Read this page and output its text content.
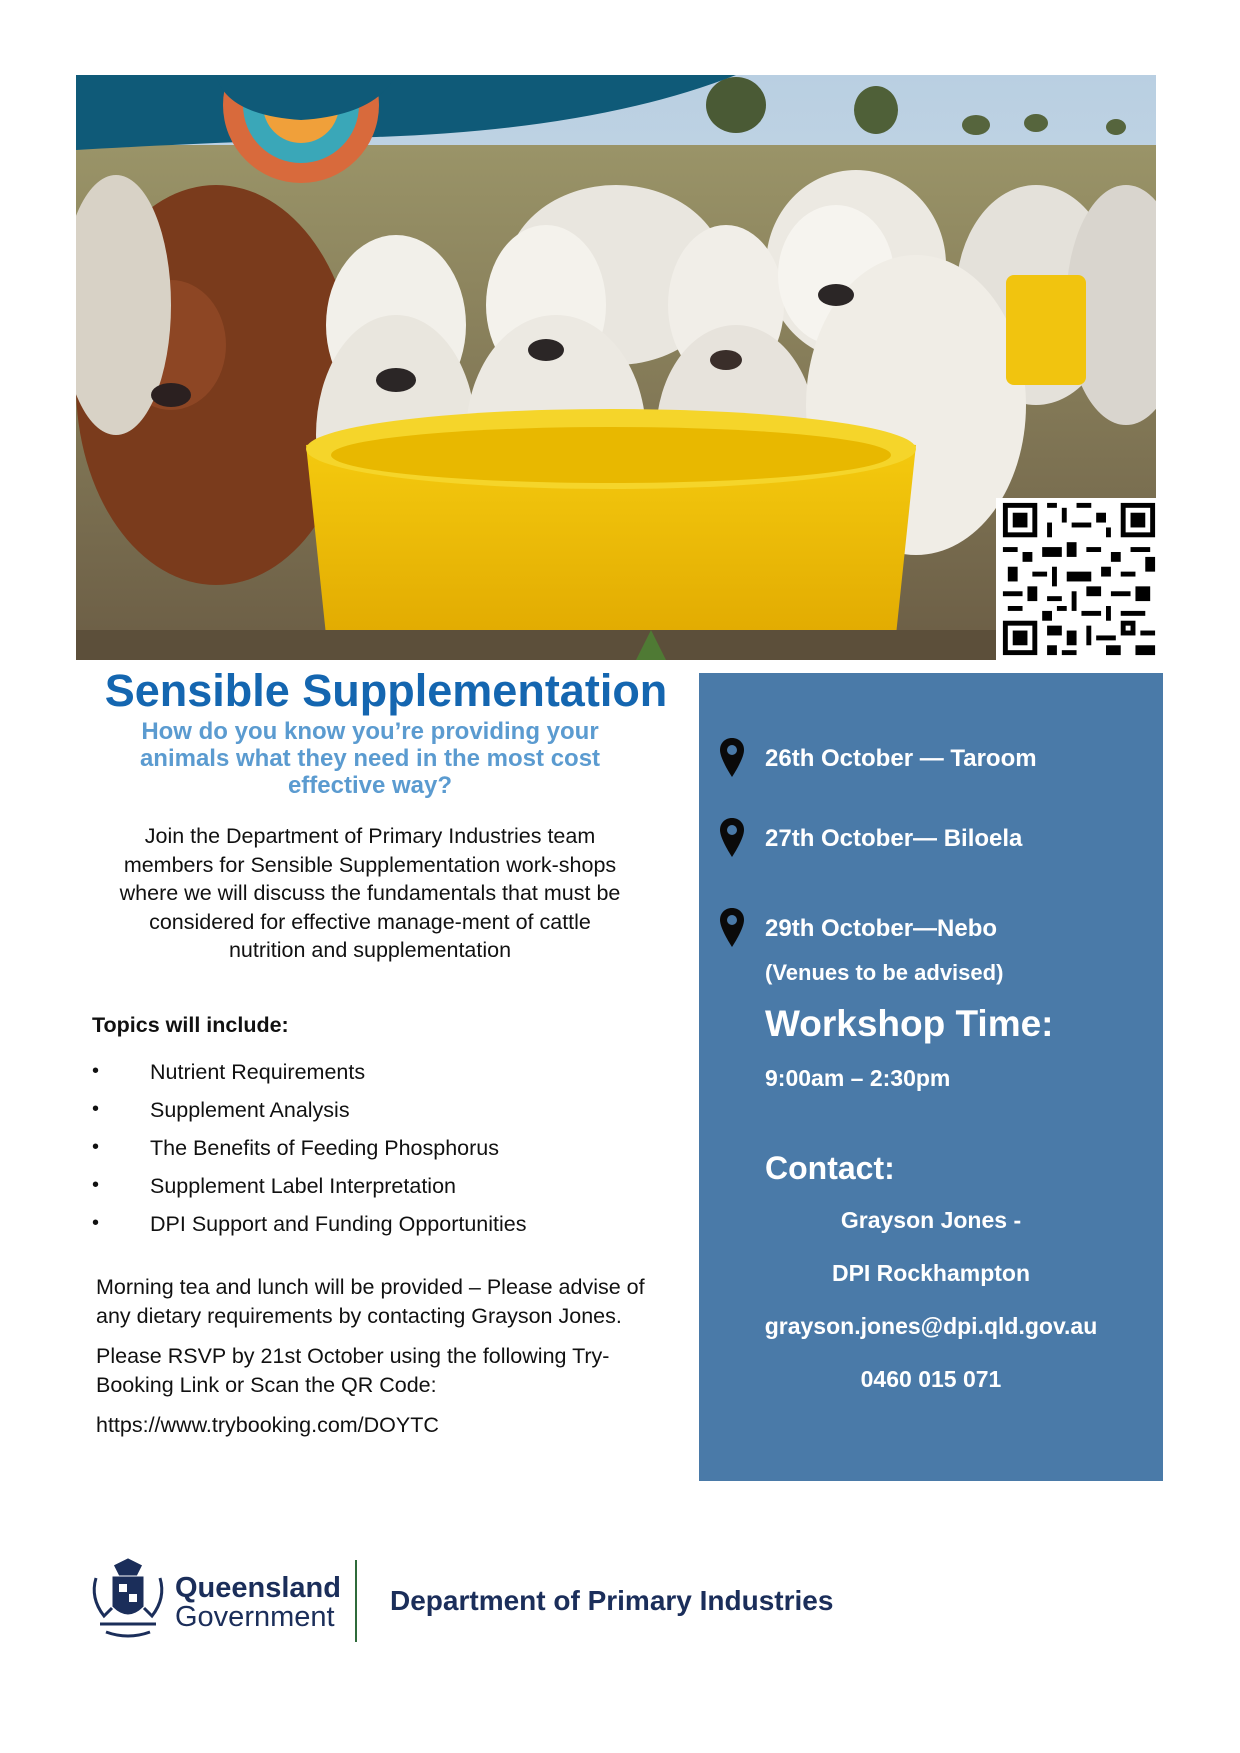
Sensible Supplementation
How do you know you’re providing your animals what they need in the most cost effective way?
Join the Department of Primary Industries team members for Sensible Supplementation work-shops where we will discuss the fundamentals that must be considered for effective manage-ment of cattle nutrition and supplementation
Topics will include:
•	Nutrient Requirements
•	Supplement Analysis
•	The Benefits of Feeding Phosphorus
•	Supplement Label Interpretation
•	DPI Support and Funding Opportunities

Morning tea and lunch will be provided – Please advise of any dietary requirements by contacting Grayson Jones.

Please RSVP by 21st October using the following Try-Booking Link or Scan the QR Code:

https://www.trybooking.com/DOYTC

26th October — Taroom
27th October— Biloela
29th October—Nebo
(Venues to be advised)
Workshop Time:
9:00am – 2:30pm
Contact:
Grayson Jones -
DPI Rockhampton
grayson.jones@dpi.qld.gov.au
0460 015 071
Queensland
Government
Department of Primary Industries
